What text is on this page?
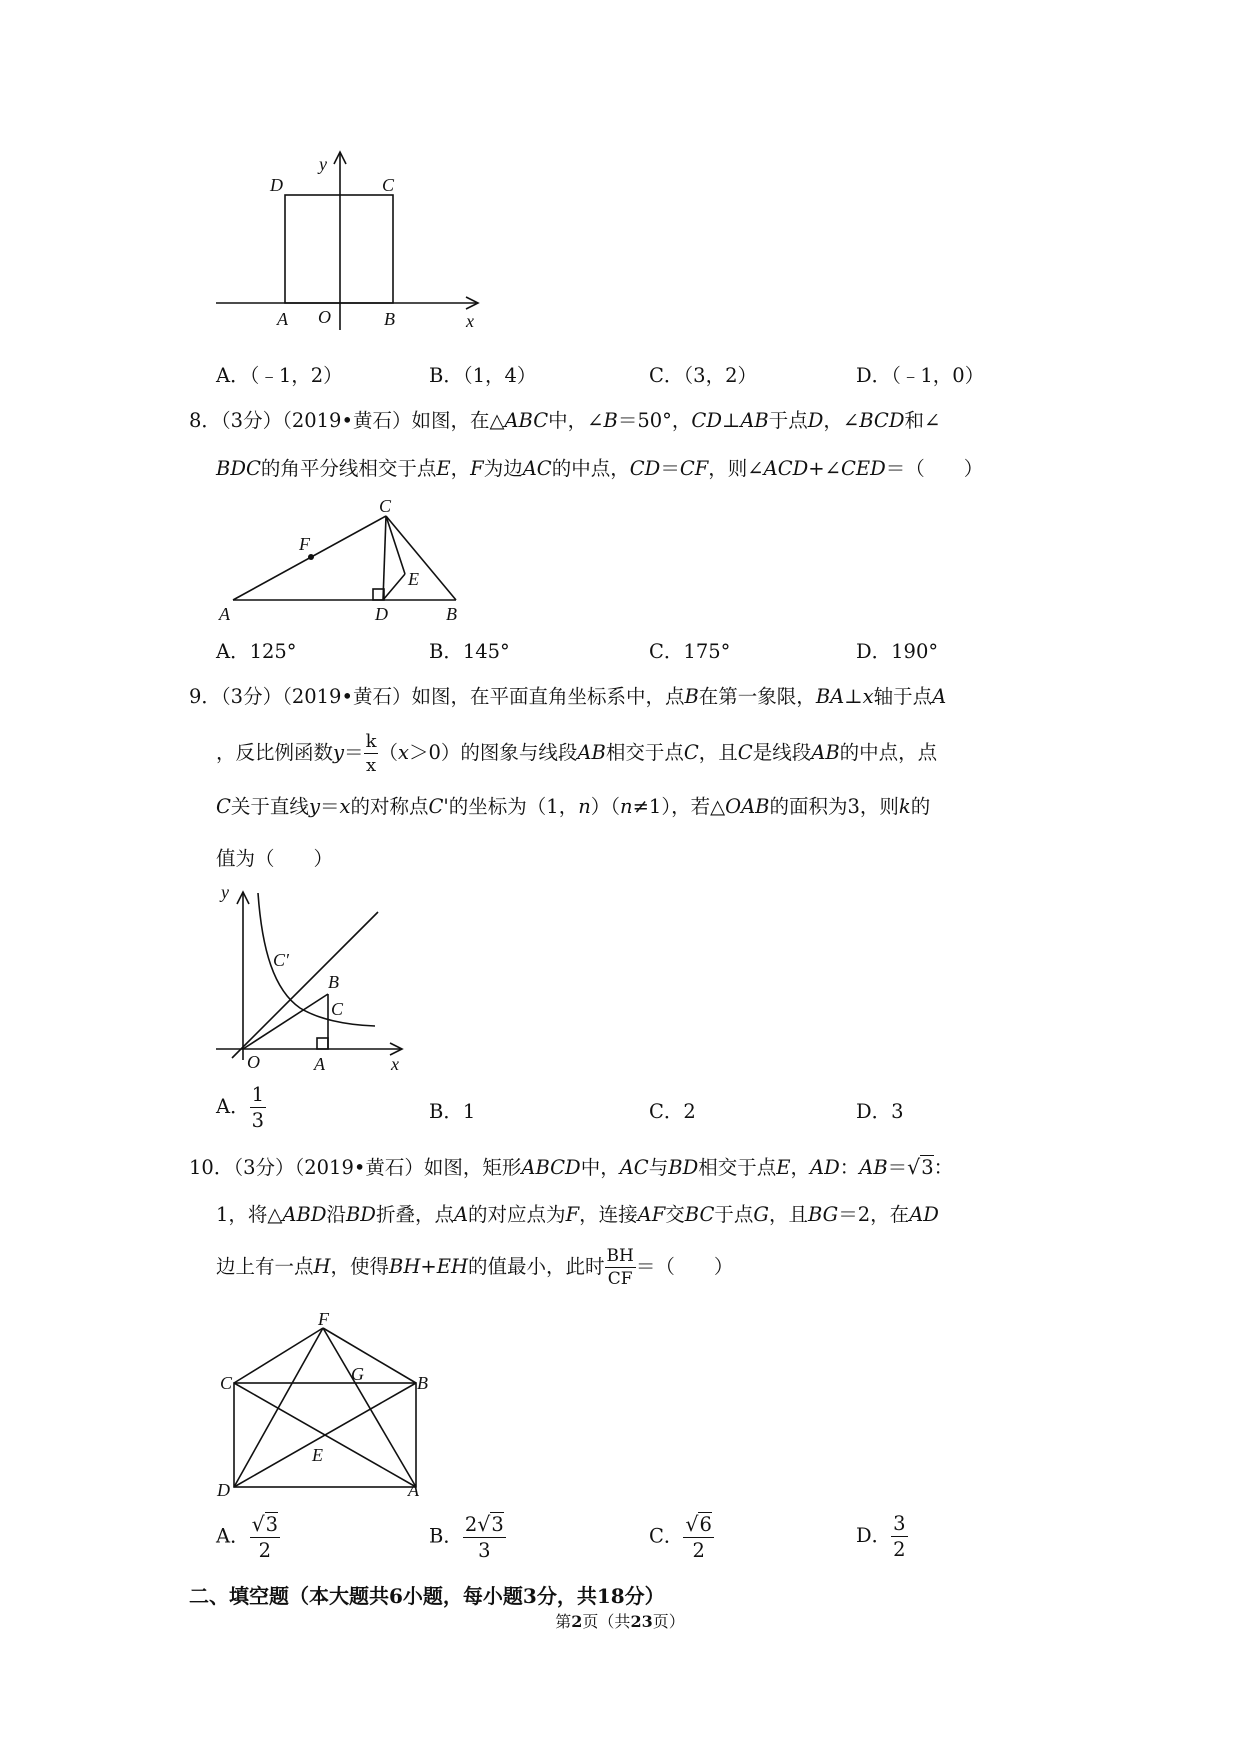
y
D	C
A O	B	x
C
F
E
A	D	B
y
C′
B
C
O	A	x
F
C	G	B
E
D	A
A．（﹣1，2）	B．（1，4）	C．（3，2）	D．（﹣1，0）
8．（3分）（2019•黄石）如图，在△ABC中，∠B＝50°，CD⊥AB于点D，∠BCD和∠
BDC的角平分线相交于点E，F为边AC的中点，CD＝CF，则∠ACD+∠CED＝（　　）
A．125°	B．145°	C．175°	D．190°
9．（3分）（2019•黄石）如图，在平面直角坐标系中，点B在第一象限，BA⊥x轴于点A
，反比例函数$y= \frac{k}{x} (x>0)$的图象与线段AB相交于点C，且C是线段AB的中点，点
C关于直线y＝x的对称点C'的坐标为（1，n）（n≠1），若△OAB的面积为3，则k的
值为（　　）
A． $\frac{1}{3}$	B．1	C．2	D．3
10．（3分）（2019•黄石）如图，矩形ABCD中，AC与BD相交于点E，AD：AB＝√3：
1，将△ABD沿BD折叠，点A的对应点为F，连接AF交BC于点G，且BG＝2，在AD
边上有一点H，使得BH+EH的值最小，此时 $\frac{BH}{CF}$ ＝（　　）
A． $\frac{√3}{2}$	B． $\frac{2√3}{3}$	C． $\frac{√6}{2}$	D． $\frac{3}{2}$
二、填空题（本大题共6小题，每小题3分，共18分）
第2页（共23页）
